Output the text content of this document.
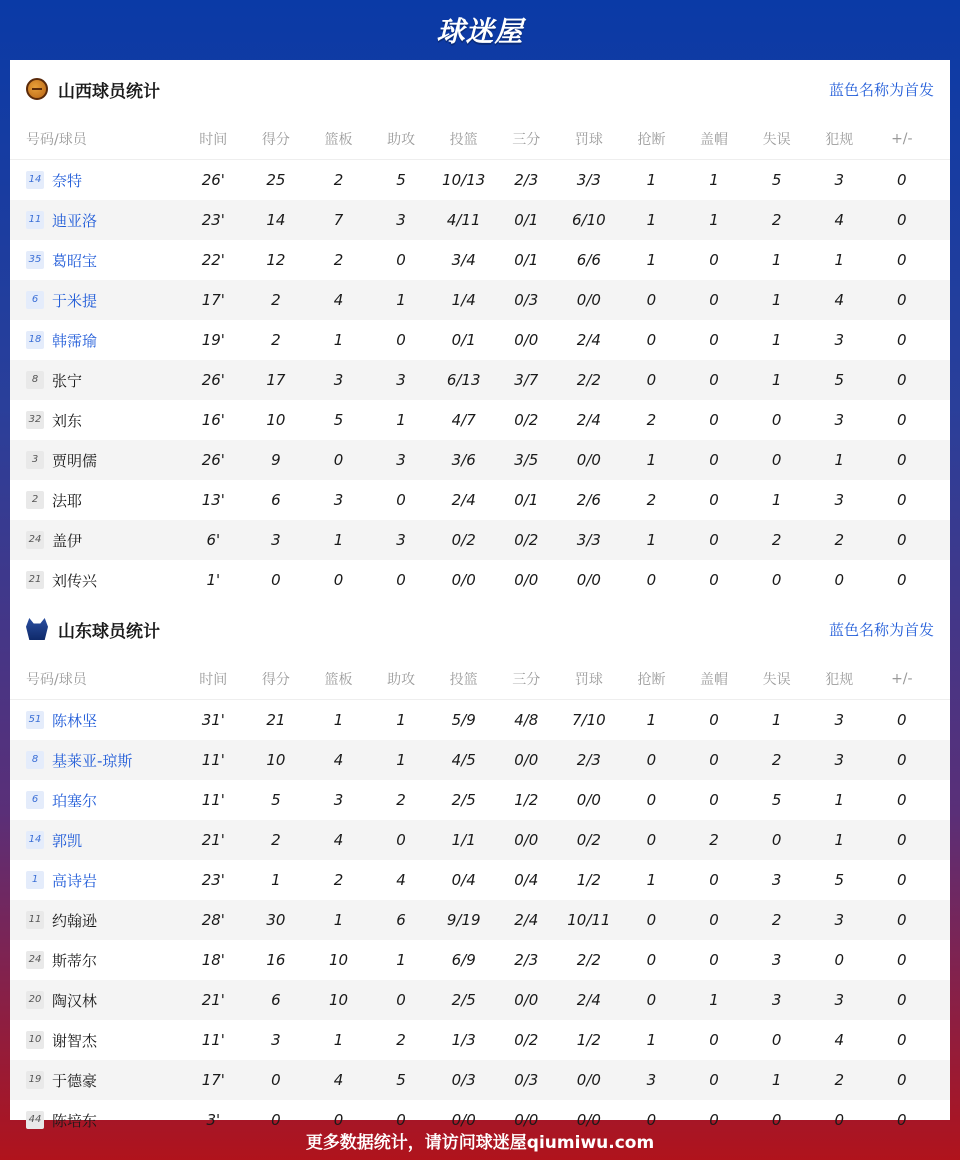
球迷屋
山西球员统计	蓝色名称为首发
号码/球员	时间	得分	篮板	助攻	投篮	三分	罚球	抢断	盖帽	失误	犯规	+/-
14 奈特	26'	25	2	5	10/13	2/3	3/3	1	1	5	3	0
11 迪亚洛	23'	14	7	3	4/11	0/1	6/10	1	1	2	4	0
35 葛昭宝	22'	12	2	0	3/4	0/1	6/6	1	0	1	1	0
6 于米提	17'	2	4	1	1/4	0/3	0/0	0	0	1	4	0
18 韩霈瑜	19'	2	1	0	0/1	0/0	2/4	0	0	1	3	0
8 张宁	26'	17	3	3	6/13	3/7	2/2	0	0	1	5	0
32 刘东	16'	10	5	1	4/7	0/2	2/4	2	0	0	3	0
3 贾明儒	26'	9	0	3	3/6	3/5	0/0	1	0	0	1	0
2 法耶	13'	6	3	0	2/4	0/1	2/6	2	0	1	3	0
24 盖伊	6'	3	1	3	0/2	0/2	3/3	1	0	2	2	0
21 刘传兴	1'	0	0	0	0/0	0/0	0/0	0	0	0	0	0
山东球员统计	蓝色名称为首发
号码/球员	时间	得分	篮板	助攻	投篮	三分	罚球	抢断	盖帽	失误	犯规	+/-
51 陈林坚	31'	21	1	1	5/9	4/8	7/10	1	0	1	3	0
8 基莱亚-琼斯	11'	10	4	1	4/5	0/0	2/3	0	0	2	3	0
6 珀塞尔	11'	5	3	2	2/5	1/2	0/0	0	0	5	1	0
14 郭凯	21'	2	4	0	1/1	0/0	0/2	0	2	0	1	0
1 高诗岩	23'	1	2	4	0/4	0/4	1/2	1	0	3	5	0
11 约翰逊	28'	30	1	6	9/19	2/4	10/11	0	0	2	3	0
24 斯蒂尔	18'	16	10	1	6/9	2/3	2/2	0	0	3	0	0
20 陶汉林	21'	6	10	0	2/5	0/0	2/4	0	1	3	3	0
10 谢智杰	11'	3	1	2	1/3	0/2	1/2	1	0	0	4	0
19 于德豪	17'	0	4	5	0/3	0/3	0/0	3	0	1	2	0
44 陈培东	3'	0	0	0	0/0	0/0	0/0	0	0	0	0	0
更多数据统计，请访问球迷屋qiumiwu.com
